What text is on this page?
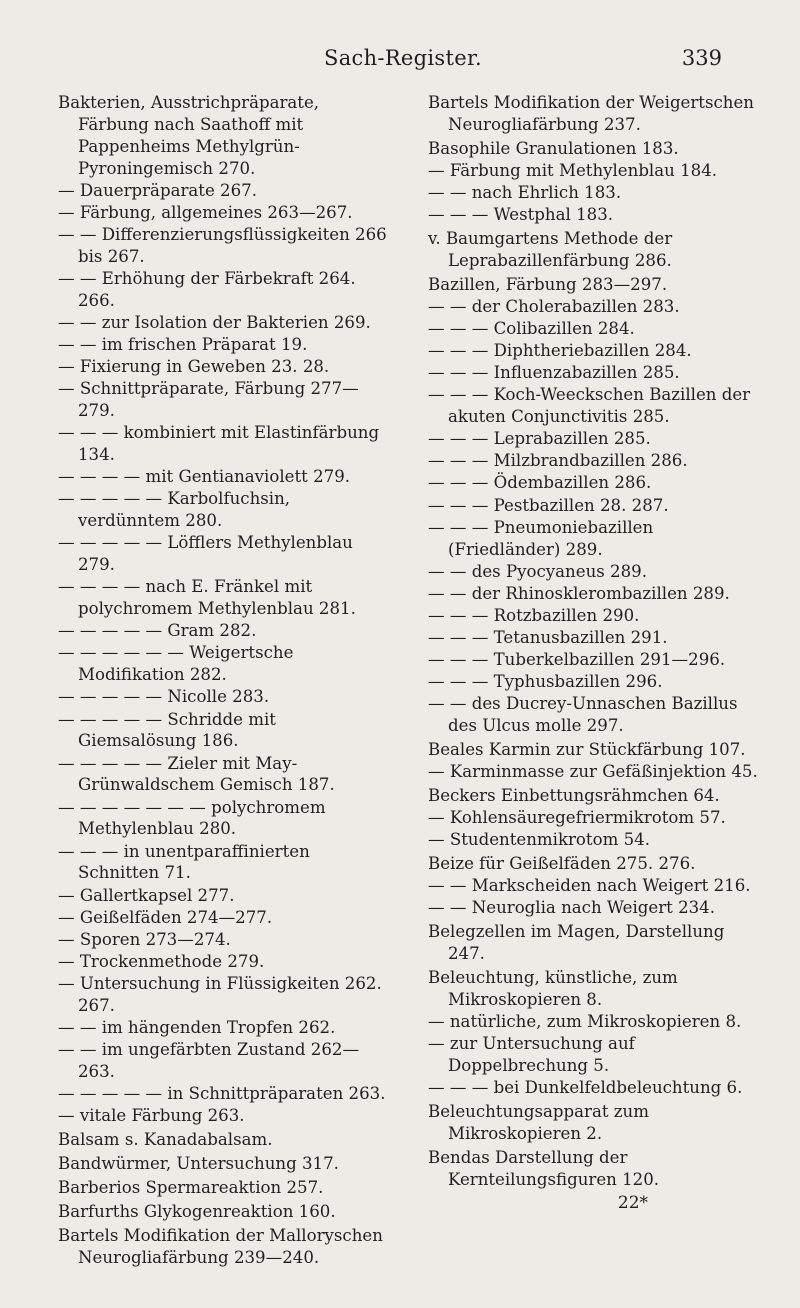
Sach-Register.	339
Bakterien, Ausstrichpräparate, Färbung nach Saathoff mit Pappenheims Methylgrün-Pyroningemisch 270.
— Dauerpräparate 267.
— Färbung, allgemeines 263—267.
— — Differenzierungsflüssigkeiten 266 bis 267.
— — Erhöhung der Färbekraft 264. 266.
— — zur Isolation der Bakterien 269.
— — im frischen Präparat 19.
— Fixierung in Geweben 23. 28.
— Schnittpräparate, Färbung 277—279.
— — — kombiniert mit Elastinfärbung 134.
— — — — mit Gentianaviolett 279.
— — — — — Karbolfuchsin, verdünntem 280.
— — — — — Löfflers Methylenblau 279.
— — — — nach E. Fränkel mit polychromem Methylenblau 281.
— — — — — Gram 282.
— — — — — — Weigertsche Modifikation 282.
— — — — — Nicolle 283.
— — — — — Schridde mit Giemsalösung 186.
— — — — — Zieler mit May-Grünwaldschem Gemisch 187.
— — — — — — — polychromem Methylenblau 280.
— — — in unentparaffinierten Schnitten 71.
— Gallertkapsel 277.
— Geißelfäden 274—277.
— Sporen 273—274.
— Trockenmethode 279.
— Untersuchung in Flüssigkeiten 262. 267.
— — im hängenden Tropfen 262.
— — im ungefärbten Zustand 262—263.
— — — — — in Schnittpräparaten 263.
— vitale Färbung 263.
Balsam s. Kanadabalsam.
Bandwürmer, Untersuchung 317.
Barberios Spermareaktion 257.
Barfurths Glykogenreaktion 160.
Bartels Modifikation der Malloryschen Neurogliafärbung 239—240.
Bartels Modifikation der Weigertschen Neurogliafärbung 237.
Basophile Granulationen 183.
— Färbung mit Methylenblau 184.
— — nach Ehrlich 183.
— — — Westphal 183.
v. Baumgartens Methode der Leprabazillenfärbung 286.
Bazillen, Färbung 283—297.
— — der Cholerabazillen 283.
— — — Colibazillen 284.
— — — Diphtheriebazillen 284.
— — — Influenzabazillen 285.
— — — Koch-Weeckschen Bazillen der akuten Conjunctivitis 285.
— — — Leprabazillen 285.
— — — Milzbrandbazillen 286.
— — — Ödembazillen 286.
— — — Pestbazillen 28. 287.
— — — Pneumoniebazillen (Friedländer) 289.
— — des Pyocyaneus 289.
— — der Rhinosklerombazillen 289.
— — — Rotzbazillen 290.
— — — Tetanusbazillen 291.
— — — Tuberkelbazillen 291—296.
— — — Typhusbazillen 296.
— — des Ducrey-Unnaschen Bazillus des Ulcus molle 297.
Beales Karmin zur Stückfärbung 107.
— Karminmasse zur Gefäßinjektion 45.
Beckers Einbettungsrähmchen 64.
— Kohlensäuregefriermikrotom 57.
— Studentenmikrotom 54.
Beize für Geißelfäden 275. 276.
— — Markscheiden nach Weigert 216.
— — Neuroglia nach Weigert 234.
Belegzellen im Magen, Darstellung 247.
Beleuchtung, künstliche, zum Mikroskopieren 8.
— natürliche, zum Mikroskopieren 8.
— zur Untersuchung auf Doppelbrechung 5.
— — — bei Dunkelfeldbeleuchtung 6.
Beleuchtungsapparat zum Mikroskopieren 2.
Bendas Darstellung der Kernteilungsfiguren 120.
22*
